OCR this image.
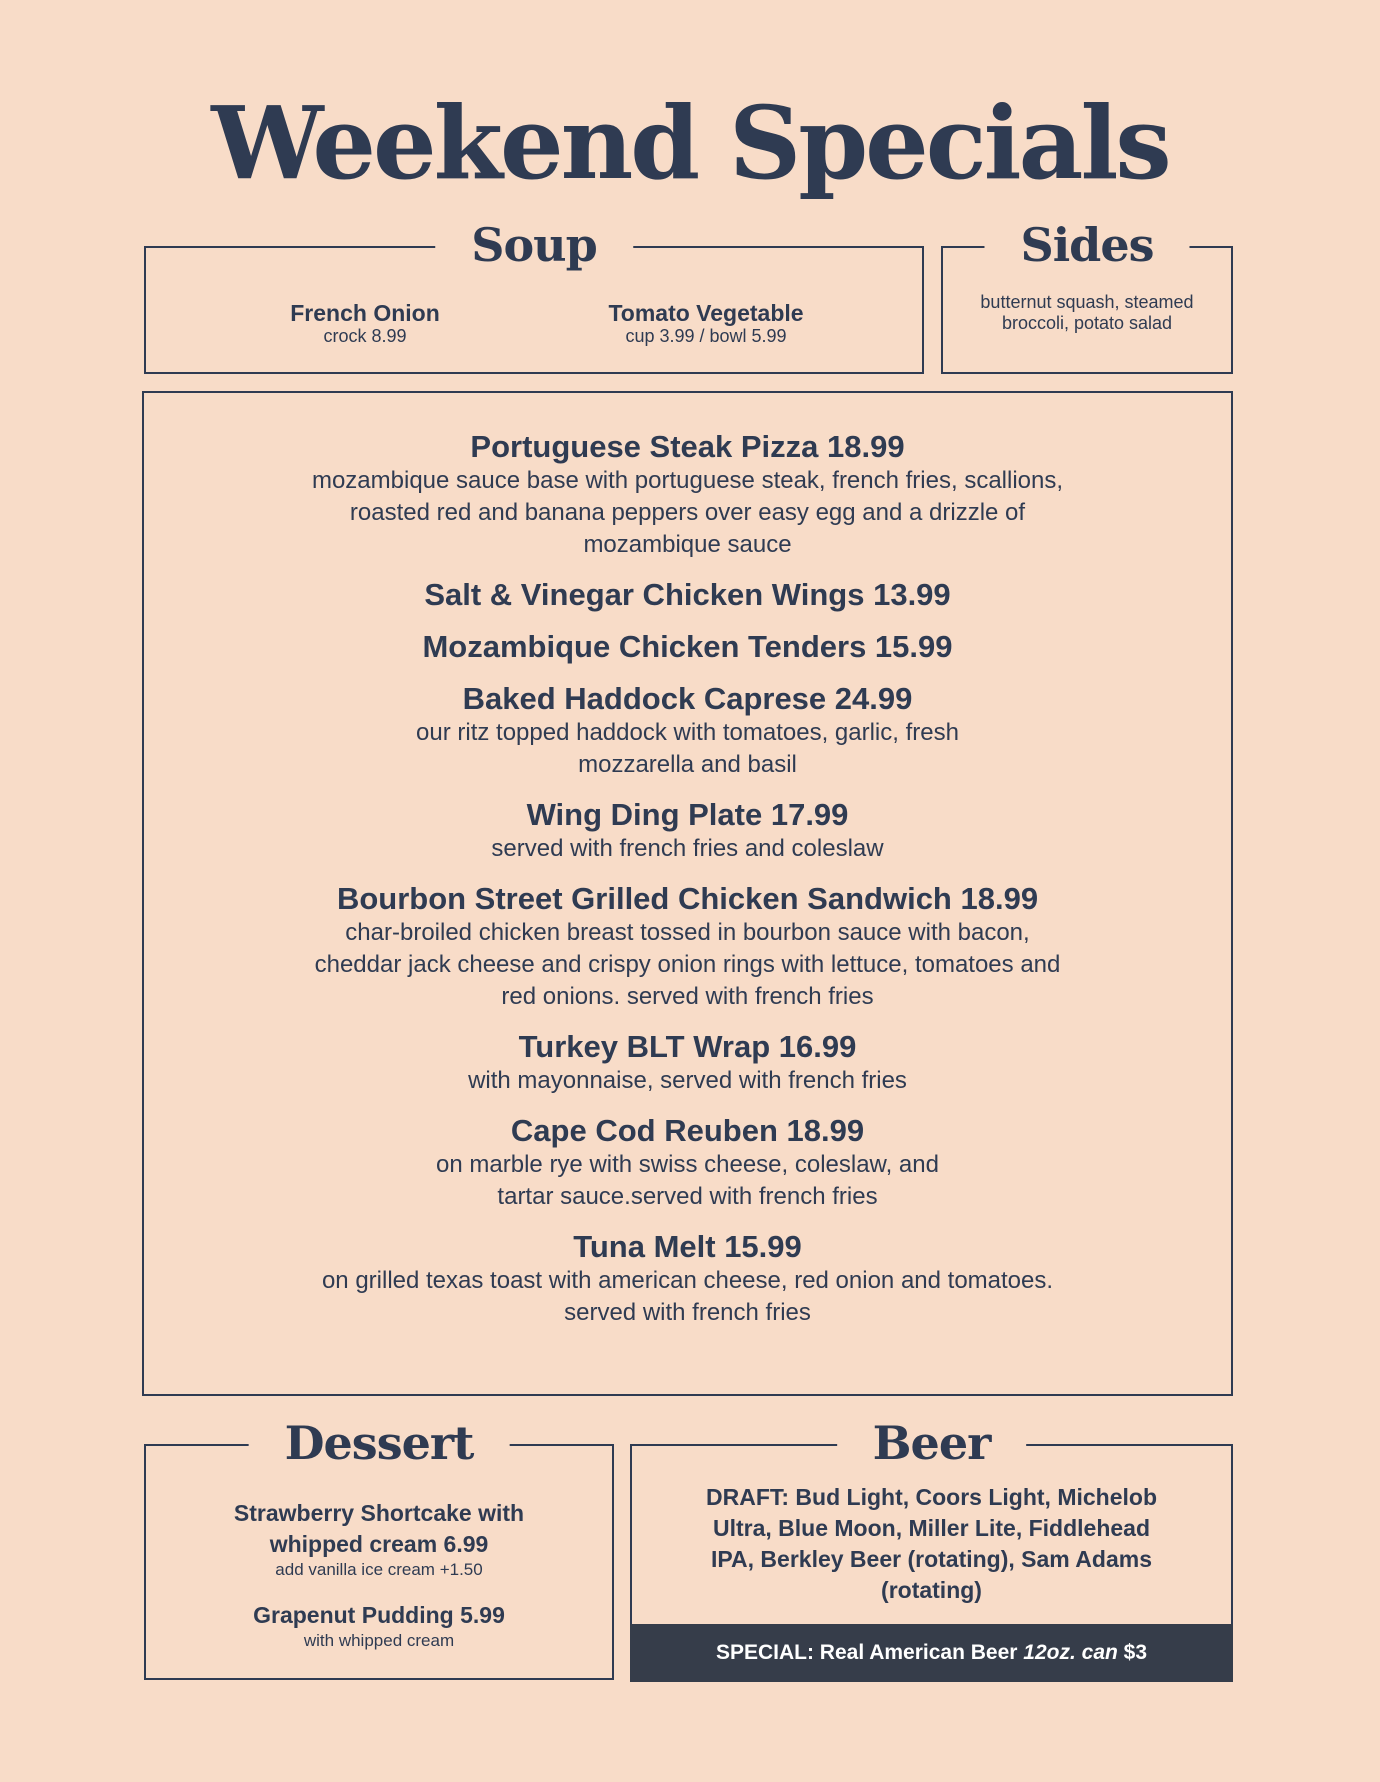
Weekend Specials
Soup
French Onion
crock 8.99
Tomato Vegetable
cup 3.99 / bowl 5.99
Sides
butternut squash, steamed broccoli, potato salad
Portuguese Steak Pizza 18.99
mozambique sauce base with portuguese steak, french fries, scallions, roasted red and banana peppers over easy egg and a drizzle of mozambique sauce
Salt & Vinegar Chicken Wings 13.99
Mozambique Chicken Tenders 15.99
Baked Haddock Caprese 24.99
our ritz topped haddock with tomatoes, garlic, fresh mozzarella and basil
Wing Ding Plate 17.99
served with french fries and coleslaw
Bourbon Street Grilled Chicken Sandwich 18.99
char-broiled chicken breast tossed in bourbon sauce with bacon, cheddar jack cheese and crispy onion rings with lettuce, tomatoes and red onions. served with french fries
Turkey BLT Wrap 16.99
with mayonnaise, served with french fries
Cape Cod Reuben 18.99
on marble rye with swiss cheese, coleslaw, and tartar sauce.served with french fries
Tuna Melt 15.99
on grilled texas toast with american cheese, red onion and tomatoes. served with french fries
Dessert
Strawberry Shortcake with whipped cream 6.99
add vanilla ice cream +1.50
Grapenut Pudding 5.99
with whipped cream
Beer
DRAFT: Bud Light, Coors Light, Michelob Ultra, Blue Moon, Miller Lite, Fiddlehead IPA, Berkley Beer (rotating), Sam Adams (rotating)
SPECIAL: Real American Beer 12oz. can $3
